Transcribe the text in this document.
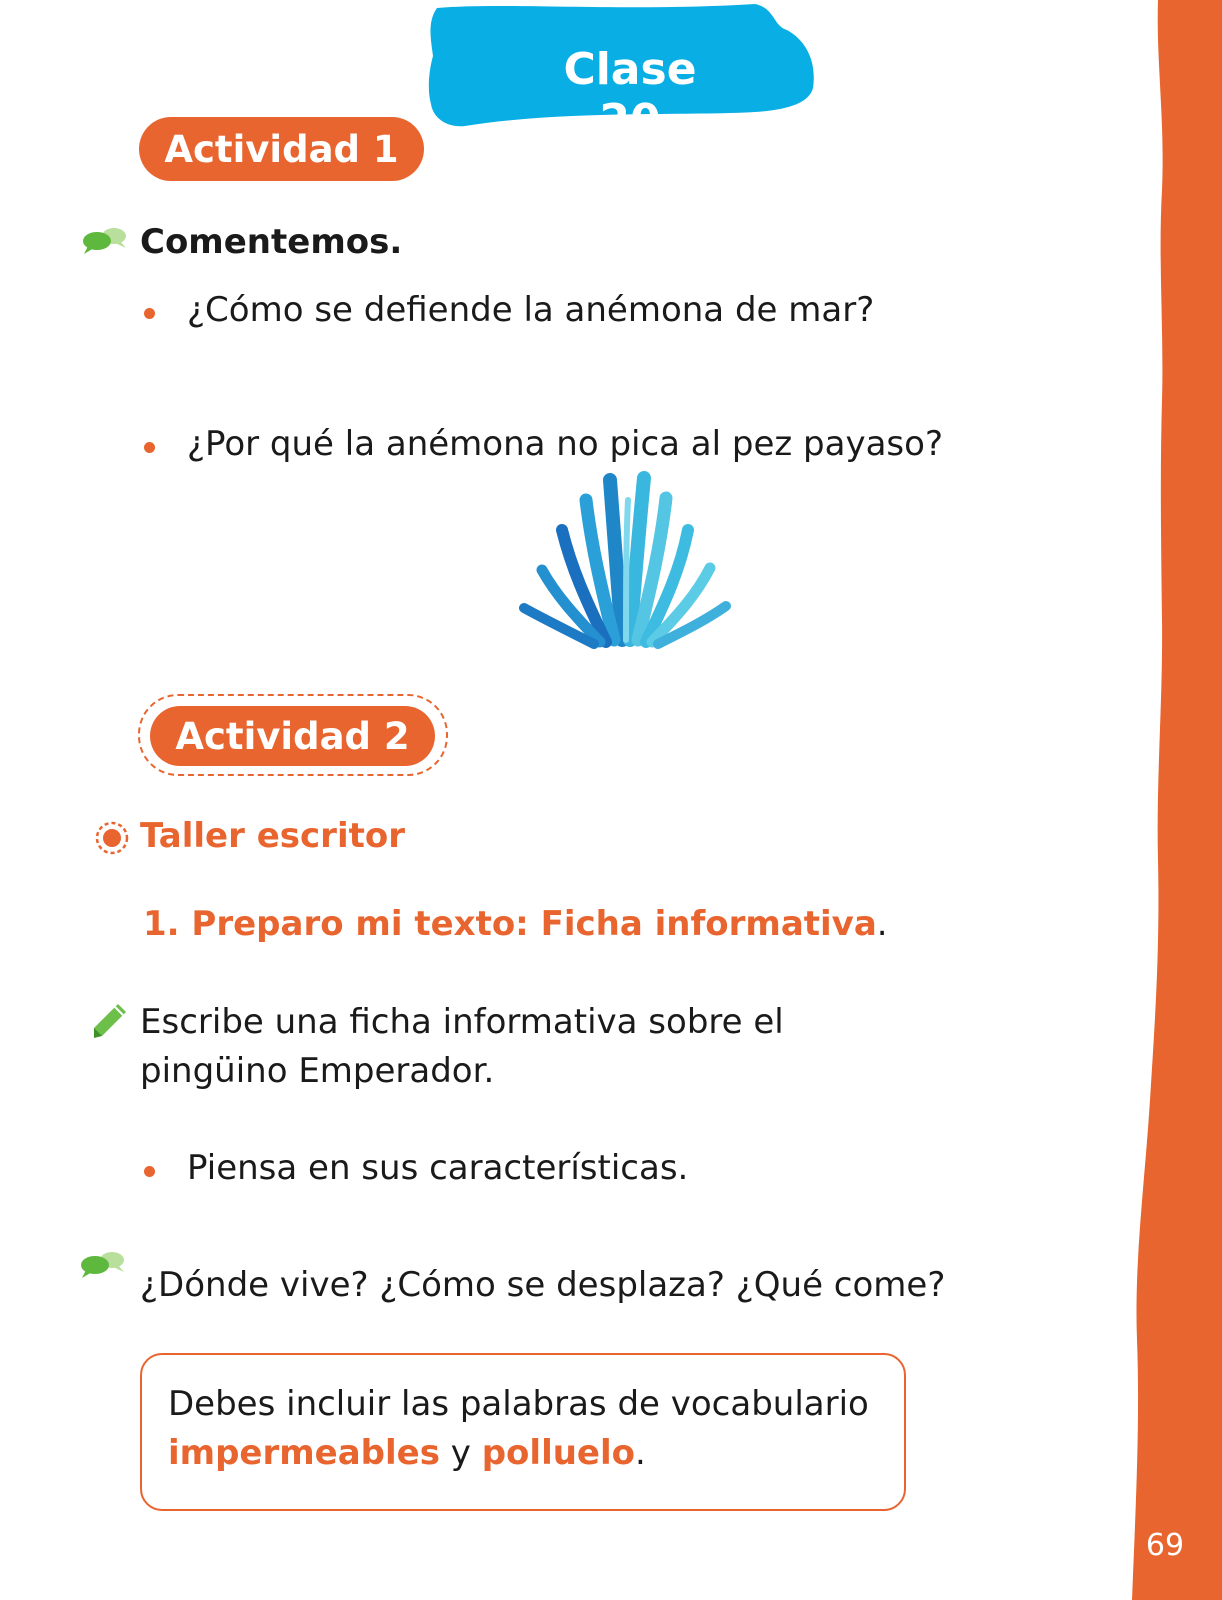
Clase 20
Actividad 1
Comentemos.
¿Cómo se defiende la anémona de mar?
¿Por qué la anémona no pica al pez payaso?
Actividad 2
Taller escritor
1. Preparo mi texto: Ficha informativa.
Escribe una ficha informativa sobre el
pingüino Emperador.
Piensa en sus características.
¿Dónde vive? ¿Cómo se desplaza? ¿Qué come?
Debes incluir las palabras de vocabulario
impermeables y polluelo.
69
